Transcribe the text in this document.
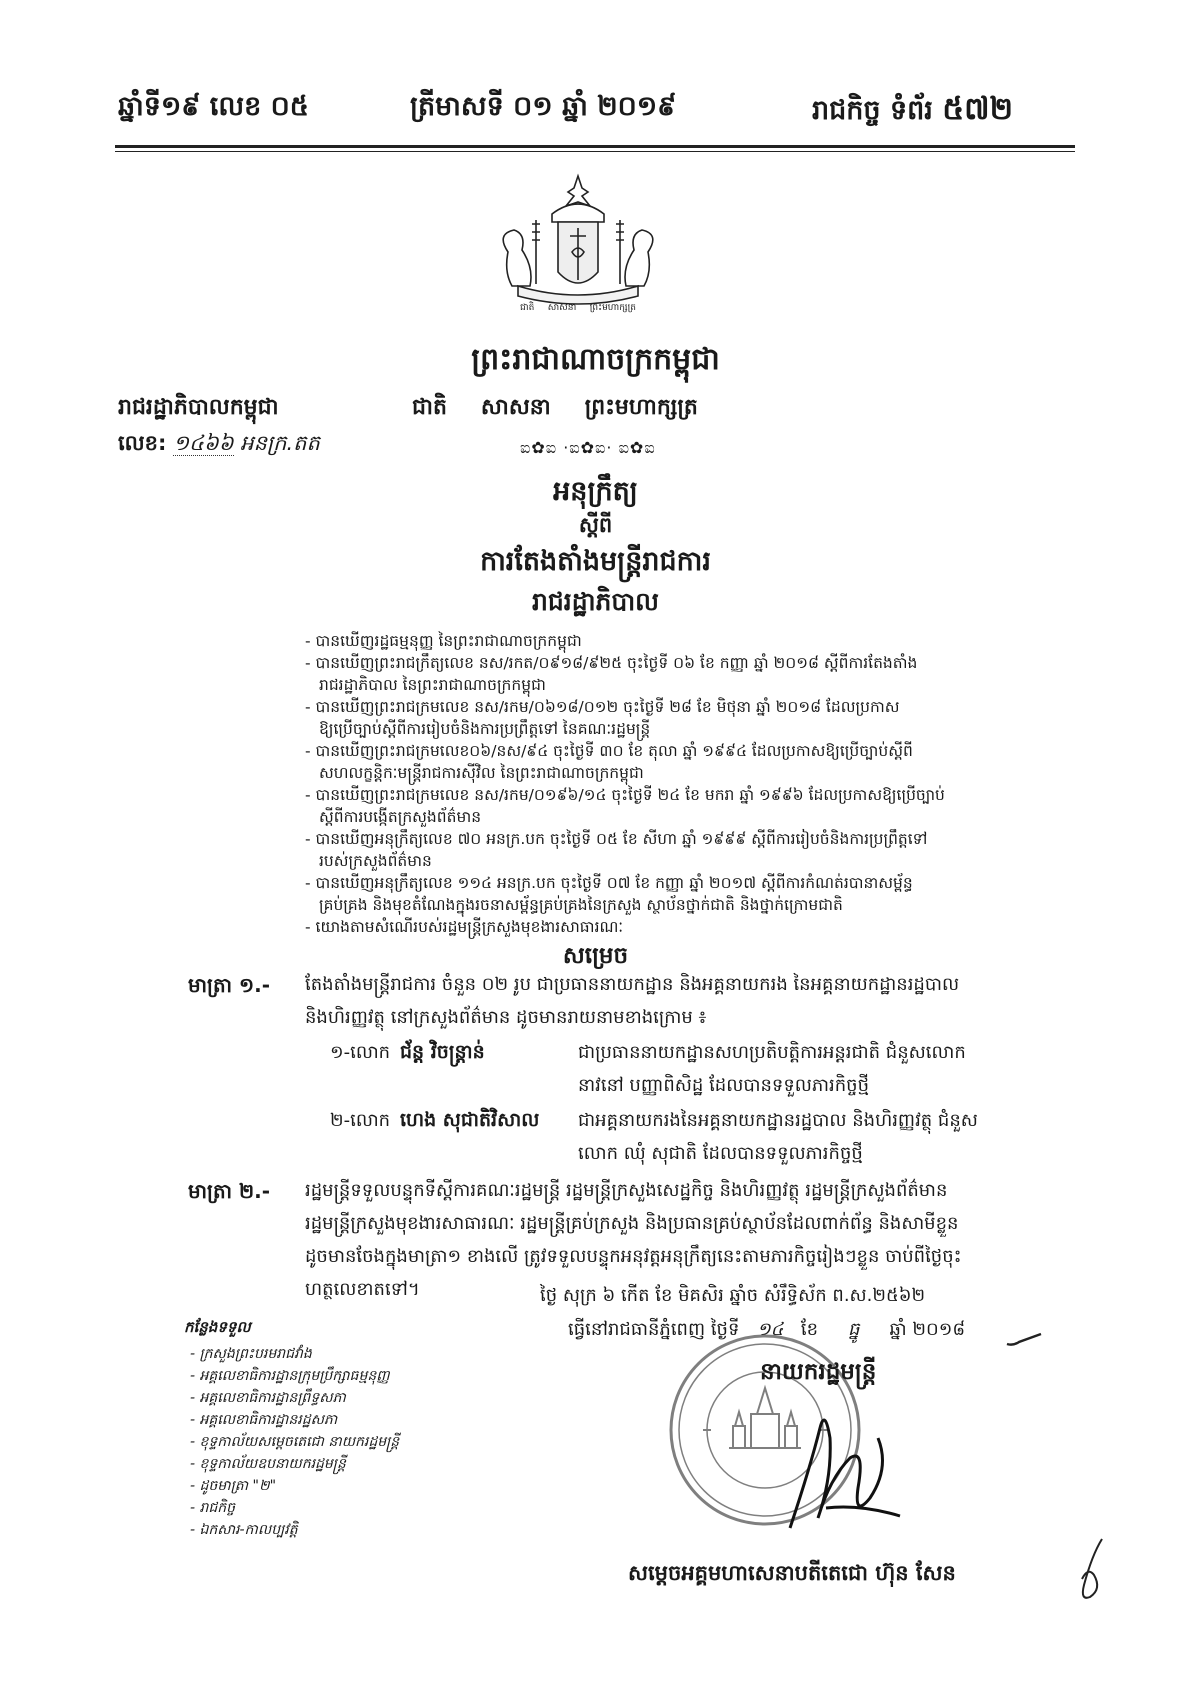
ឆ្នាំទី១៩ លេខ ០៥	ត្រីមាសទី ០១ ឆ្នាំ ២០១៩	រាជកិច្ច ទំព័រ ៥៧២
ជាតិ សាសនា ព្រះមហាក្សត្រ
ព្រះរាជាណាចក្រកម្ពុជា
រាជរដ្ឋាភិបាលកម្ពុជា	ជាតិ សាសនា ព្រះមហាក្សត្រ
លេខ: ១៤៦៦ អនក្រ.តត	ಐ✿ಐ ·ಐ✿ಐ· ಐ✿ಐ
អនុក្រឹត្យ
ស្ដីពី
ការតែងតាំងមន្ត្រីរាជការ
រាជរដ្ឋាភិបាល

- បានឃើញរដ្ឋធម្មនុញ្ញ នៃព្រះរាជាណាចក្រកម្ពុជា

- បានឃើញព្រះរាជក្រឹត្យលេខ នស/រកត/០៩១៨/៩២៥ ចុះថ្ងៃទី ០៦ ខែ កញ្ញា ឆ្នាំ ២០១៨ ស្តីពីការតែងតាំង

រាជរដ្ឋាភិបាល នៃព្រះរាជាណាចក្រកម្ពុជា

- បានឃើញព្រះរាជក្រមលេខ នស/រកម/០៦១៨/០១២ ចុះថ្ងៃទី ២៨ ខែ មិថុនា ឆ្នាំ ២០១៨ ដែលប្រកាស

ឱ្យប្រើច្បាប់ស្តីពីការរៀបចំនិងការប្រព្រឹត្តទៅ នៃគណៈរដ្ឋមន្ត្រី

- បានឃើញព្រះរាជក្រមលេខ០៦/នស/៩៤ ចុះថ្ងៃទី ៣០ ខែ តុលា ឆ្នាំ ១៩៩៤ ដែលប្រកាសឱ្យប្រើច្បាប់ស្តីពី

សហលក្ខន្តិកៈមន្ត្រីរាជការស៊ីវិល នៃព្រះរាជាណាចក្រកម្ពុជា

- បានឃើញព្រះរាជក្រមលេខ នស/រកម/០១៩៦/១៤ ចុះថ្ងៃទី ២៤ ខែ មករា ឆ្នាំ ១៩៩៦ ដែលប្រកាសឱ្យប្រើច្បាប់

ស្តីពីការបង្កើតក្រសួងព័ត៌មាន

- បានឃើញអនុក្រឹត្យលេខ ៧០ អនក្រ.បក ចុះថ្ងៃទី ០៥ ខែ សីហា ឆ្នាំ ១៩៩៩ ស្តីពីការរៀបចំនិងការប្រព្រឹត្តទៅ

របស់ក្រសួងព័ត៌មាន

- បានឃើញអនុក្រឹត្យលេខ ១១៤ អនក្រ.បក ចុះថ្ងៃទី ០៧ ខែ កញ្ញា ឆ្នាំ ២០១៧ ស្តីពីការកំណត់របានាសម្ព័ន្ធ

គ្រប់គ្រង និងមុខតំណែងក្នុងរចនាសម្ព័ន្ធគ្រប់គ្រងនៃក្រសួង ស្ថាប័នថ្នាក់ជាតិ និងថ្នាក់ក្រោមជាតិ

- យោងតាមសំណើរបស់រដ្ឋមន្ត្រីក្រសួងមុខងារសាធារណៈ

សម្រេច
មាត្រា ១.- តែងតាំងមន្ត្រីរាជការ ចំនួន ០២ រូប ជាប្រធាននាយកដ្ឋាន និងអគ្គនាយករង នៃអគ្គនាយកដ្ឋានរដ្ឋបាល
និងហិរញ្ញវត្ថុ នៅក្រសួងព័ត៌មាន ដូចមានរាយនាមខាងក្រោម ៖
១-លោក ជ័ន្ត វិចន្ត្រាន់	ជាប្រធាននាយកដ្ឋានសហប្រតិបត្តិការអន្តរជាតិ ជំនួសលោក
នាវនៅ បញ្ញាពិសិដ្ឋ ដែលបានទទួលភារកិច្ចថ្មី
២-លោក ហេង សុជាតិវិសាល ជាអគ្គនាយករងនៃអគ្គនាយកដ្ឋានរដ្ឋបាល និងហិរញ្ញវត្ថុ ជំនួស
លោក ឈុំ សុជាតិ ដែលបានទទួលភារកិច្ចថ្មី
មាត្រា ២.- រដ្ឋមន្ត្រីទទួលបន្ទុកទីស្តីការគណៈរដ្ឋមន្ត្រី រដ្ឋមន្ត្រីក្រសួងសេដ្ឋកិច្ច និងហិរញ្ញវត្ថុ រដ្ឋមន្ត្រីក្រសួងព័ត៌មាន
រដ្ឋមន្ត្រីក្រសួងមុខងារសាធារណៈ រដ្ឋមន្ត្រីគ្រប់ក្រសួង និងប្រធានគ្រប់ស្ថាប័នដែលពាក់ព័ន្ធ និងសាមីខ្លួន
ដូចមានចែងក្នុងមាត្រា១ ខាងលើ ត្រូវទទួលបន្ទុកអនុវត្តអនុក្រឹត្យនេះតាមភារកិច្ចរៀងៗខ្លួន ចាប់ពីថ្ងៃចុះ
ហត្ថលេខាតទៅ។	ថ្ងៃ សុក្រ ៦ កើត ខែ មិគសិរ ឆ្នាំច សំរឹទ្ធិស័ក ព.ស.២៥៦២
ធ្វើនៅរាជធានីភ្នំពេញ ថ្ងៃទី ១៤ ខែ ធ្នូ ឆ្នាំ ២០១៨
នាយករដ្ឋមន្ត្រី
សម្តេចអគ្គមហាសេនាបតីតេជោ ហ៊ុន សែន
កន្លែងទទួល
- ក្រសួងព្រះបរមរាជវាំង
- អគ្គលេខាធិការដ្ឋានក្រុមប្រឹក្សាធម្មនុញ្ញ
- អគ្គលេខាធិការដ្ឋានព្រឹទ្ធសភា
- អគ្គលេខាធិការដ្ឋានរដ្ឋសភា
- ខុទ្ទកាល័យសម្តេចតេជោ នាយករដ្ឋមន្ត្រី
- ខុទ្ទកាល័យឧបនាយករដ្ឋមន្ត្រី
- ដូចមាត្រា "២"
- រាជកិច្ច
- ឯកសារ-កាលប្បវត្តិ
